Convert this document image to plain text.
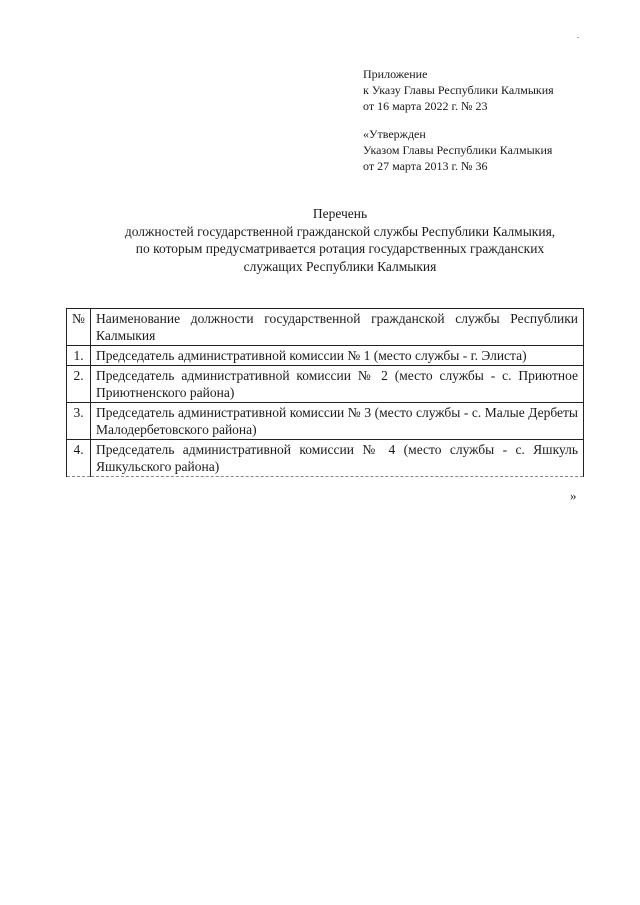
Приложение
к Указу Главы Республики Калмыкия
от 16 марта 2022 г. № 23
«Утвержден
Указом Главы Республики Калмыкия
от 27 марта 2013 г. № 36
Перечень
должностей государственной гражданской службы Республики Калмыкия,
по которым предусматривается ротация государственных гражданских
служащих Республики Калмыкия
№	Наименование должности государственной гражданской службы Республики Калмыкия
1.	Председатель административной комиссии № 1 (место службы - г. Элиста)
2.	Председатель административной комиссии № 2 (место службы - с. Приютное Приютненского района)
3.	Председатель административной комиссии № 3 (место службы - с. Малые Дербеты Малодербетовского района)
4.	Председатель административной комиссии № 4 (место службы - с. Яшкуль Яшкульского района)
»
